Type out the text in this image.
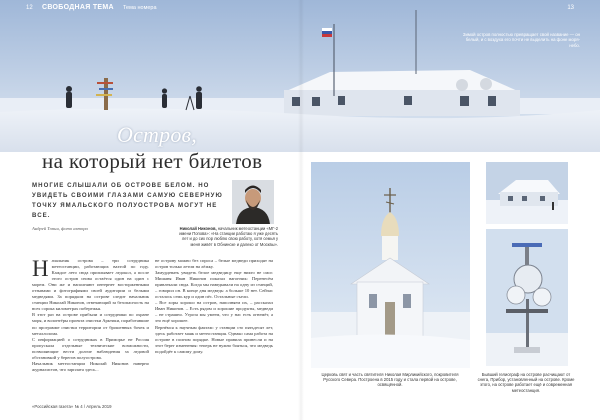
12 СВОБОДНАЯ ТЕМА Тема номера	13
Зимой остров полностью превращает свой название — он белый, и с воздуха его почти не выделить на фоне моря-небо.
Остров,
на который нет билетов
МНОГИЕ СЛЫШАЛИ ОБ ОСТРОВЕ БЕЛОМ. НО УВИДЕТЬ СВОИМИ ГЛАЗАМИ САМУЮ СЕВЕРНУЮ ТОЧКУ ЯМАЛЬСКОГО ПОЛУОСТРОВА МОГУТ НЕ ВСЕ.
Андрей Топин, фото автора	Николай Никонов, начальник метеостанции «МГ-2 имени Попова»: «На станции работаю я уже десять лет и до сих пор люблю свою работу, хотя семья у меня живёт в Обнинске и далеко от Москвы».

Начальник острова – три сотрудника метеостанции, работающих вахтой по году. Каждое лето сюда приплывает ледокол, а после этого остров снова остаётся один на один с морем. Они же и наполняют интернет восторженными отзывами и фотографиями своей аудитории и белыми медведями. За порядком на острове следит начальник станции Николай Никонов, отвечающий за безопасность на всех сорока километрах побережья.

В этот раз на острове прибыли и сотрудники по охране моря, и волонтёры проекта очистки Арктики, поработавшие по программе очистки территории от брошенных бочек и металлолома.

С информацией о сотрудниках в Приморье не Россия пропускала отдельные технические возможности, позволяющие вести долгие наблюдения за ледовой обстановкой у берегов полуострова.

Начальник метеостанции Николай Никонов наверно журналистов, что зарплата здесь...

не острову можно без спроса – белые медведи приходят на остров только летом на лёжку.

Замурдевать увидеть белое медведицу еще никто не смог. Мишаня Иван Никонов показал вагончик: Перенесём привлекали сюда. Когда мы наведывали на одну из станций, – говорил он. В конце дня медведь: а больше 10 нет. Сейчас осталось семь кур и один пёс. Остальные съели.

– Все хоры хорошо на остров, наполняем их, – рассказал Иван Никонов. – Есть рядом и хорошие продукты, медведи – не страшно. Угроза мы умеем, что у нас есть огнемёт, а это ещё хорошее.

Вернёмся к научным фактам: у станции сто пятьдесят лет, здесь работает маяк и метеостанция. Однако сама работа на острове в полном порядке. Новые правила принесли и на этот берег изменения: теперь не нужно бояться, что медведь подойдёт к самому дому.

Церковь свят и часть святителя Николая Мирликийского, покровителя Русского Севера. Построена в 2015 году и стала первой на острове, освящённой.
Бывший гелиограф на острове расчищают от снега, Прибор, установленный на острове. Кроме этого, на острове работает ещё и современная метеостанция.
«Российская газета» № 4 / Апрель 2019
